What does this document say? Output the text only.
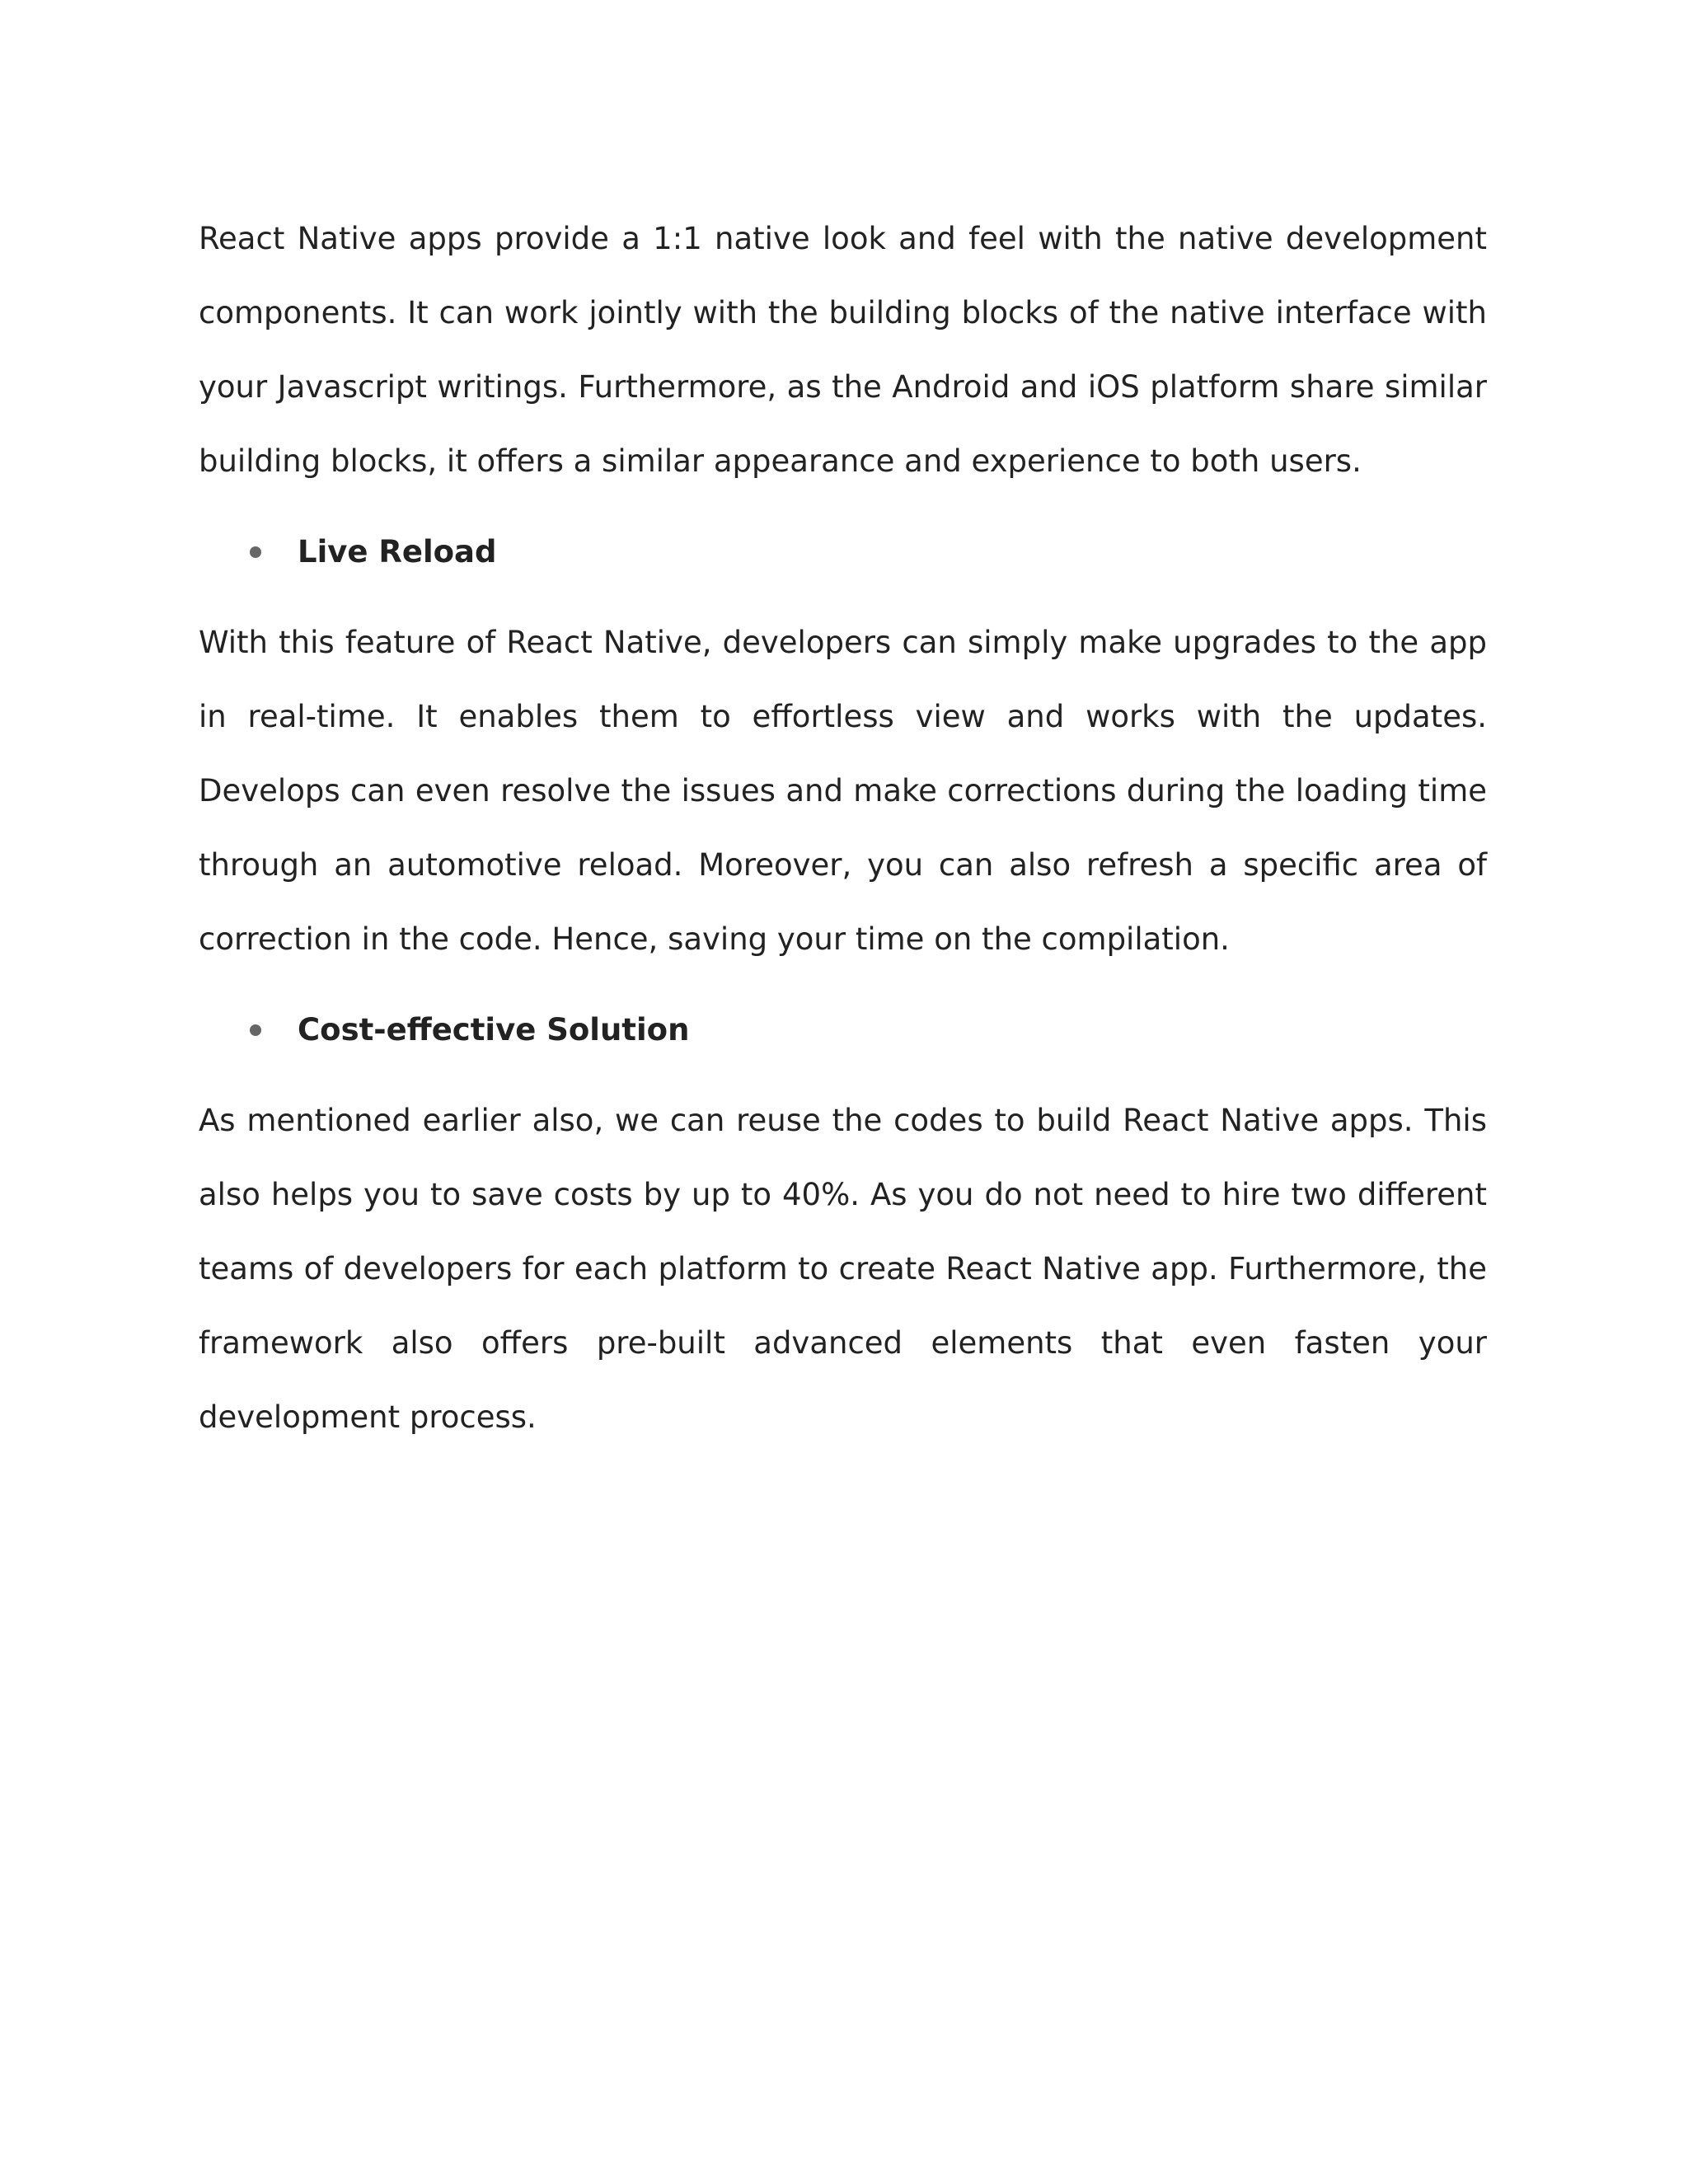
React Native apps provide a 1:1 native look and feel with the native development components. It can work jointly with the building blocks of the native interface with your Javascript writings. Furthermore, as the Android and iOS platform share similar building blocks, it offers a similar appearance and experience to both users.

Live Reload

With this feature of React Native, developers can simply make upgrades to the app in real-time. It enables them to effortless view and works with the updates. Develops can even resolve the issues and make corrections during the loading time through an automotive reload. Moreover, you can also refresh a specific area of correction in the code. Hence, saving your time on the compilation.

Cost-effective Solution

As mentioned earlier also, we can reuse the codes to build React Native apps. This also helps you to save costs by up to 40%. As you do not need to hire two different teams of developers for each platform to create React Native app. Furthermore, the framework also offers pre-built advanced elements that even fasten your development process.
